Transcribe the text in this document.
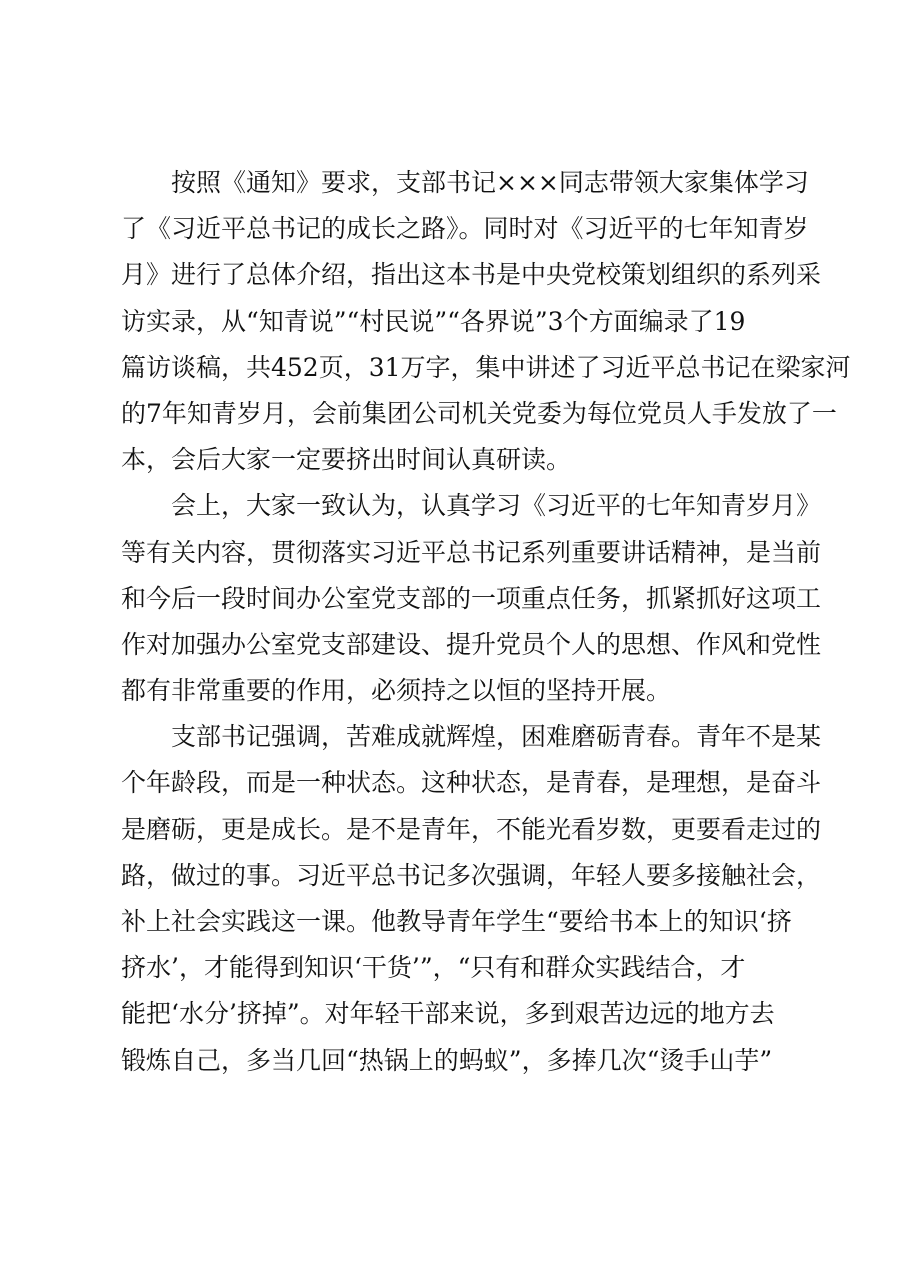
按照《通知》要求，支部书记×××同志带领大家集体学习
了《习近平总书记的成长之路》。同时对《习近平的七年知青岁
月》进行了总体介绍，指出这本书是中央党校策划组织的系列采
访实录，从“知青说”“村民说”“各界说”3个方面编录了19
篇访谈稿，共452页，31万字，集中讲述了习近平总书记在梁家河
的7年知青岁月，会前集团公司机关党委为每位党员人手发放了一
本，会后大家一定要挤出时间认真研读。
会上，大家一致认为，认真学习《习近平的七年知青岁月》
等有关内容，贯彻落实习近平总书记系列重要讲话精神，是当前
和今后一段时间办公室党支部的一项重点任务，抓紧抓好这项工
作对加强办公室党支部建设、提升党员个人的思想、作风和党性
都有非常重要的作用，必须持之以恒的坚持开展。
支部书记强调，苦难成就辉煌，困难磨砺青春。青年不是某
个年龄段，而是一种状态。这种状态，是青春，是理想，是奋斗
是磨砺，更是成长。是不是青年，不能光看岁数，更要看走过的
路，做过的事。习近平总书记多次强调，年轻人要多接触社会，
补上社会实践这一课。他教导青年学生“要给书本上的知识‘挤
挤水’，才能得到知识‘干货’”，“只有和群众实践结合，才
能把‘水分’挤掉”。对年轻干部来说，多到艰苦边远的地方去
锻炼自己，多当几回“热锅上的蚂蚁”，多捧几次“烫手山芋”
